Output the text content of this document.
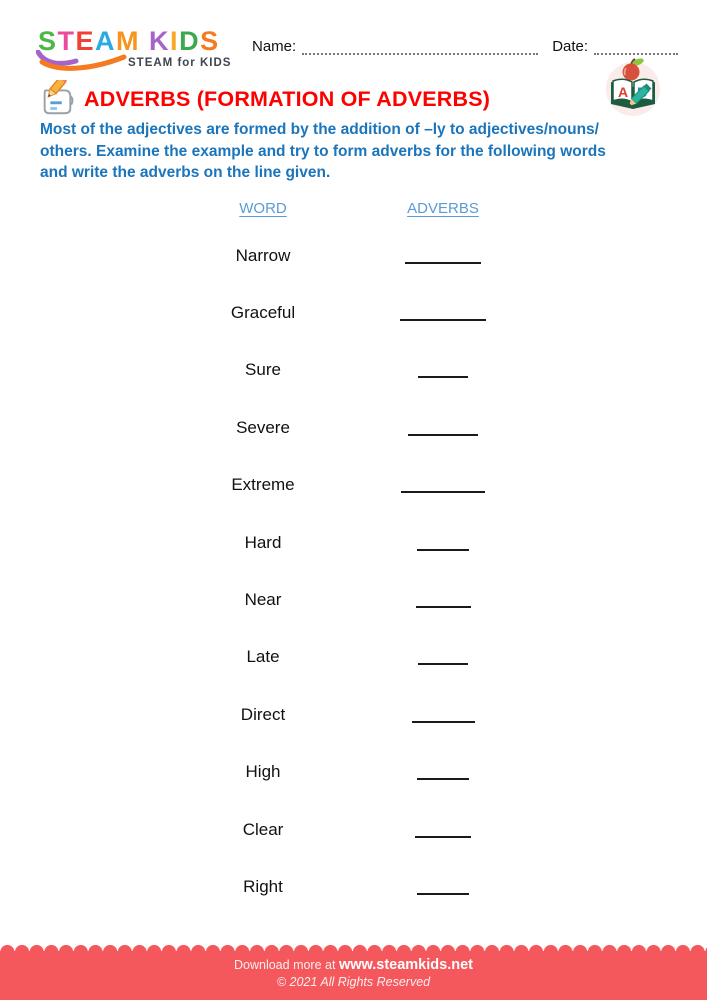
STEAM KIDS
STEAM for KIDS
Name:	Date:
ADVERBS (FORMATION OF ADVERBS)
Most of the adjectives are formed by the addition of –ly to adjectives/nouns/
others. Examine the example and try to form adverbs for the following words
and write the adverbs on the line given.
A
WORD	ADVERBS
Narrow
Graceful
Sure
Severe
Extreme
Hard
Near
Late
Direct
High
Clear
Right
Download more at www.steamkids.net
© 2021 All Rights Reserved
